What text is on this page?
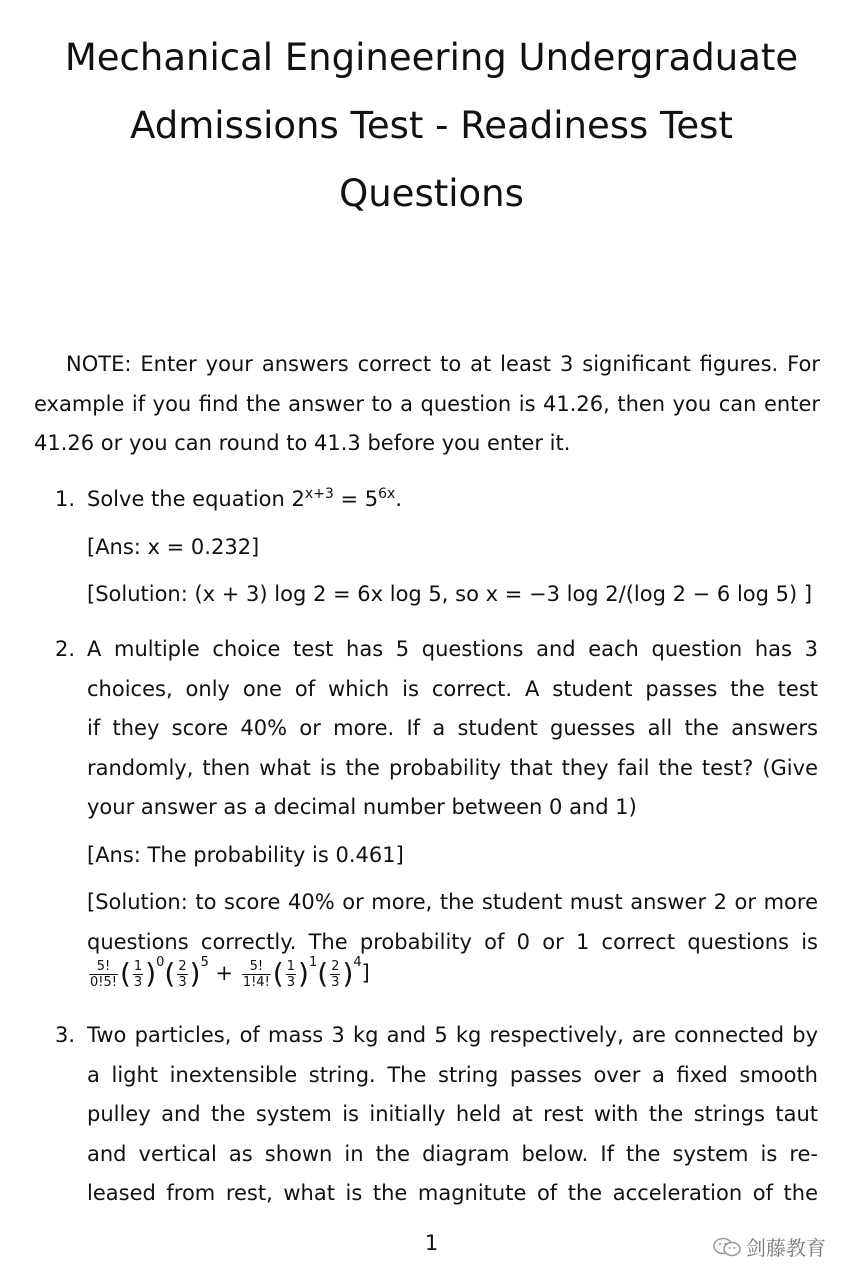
Mechanical Engineering Undergraduate
Admissions Test - Readiness Test
Questions
NOTE: Enter your answers correct to at least 3 significant figures. For
example if you find the answer to a question is 41.26, then you can enter
41.26 or you can round to 41.3 before you enter it.
1. Solve the equation $2^{x+3} = 5^{6x}$.
[Ans: x = 0.232]
[Solution: (x + 3) log 2 = 6x log 5, so x = −3 log 2/(log 2 − 6 log 5) ]
2. A multiple choice test has 5 questions and each question has 3
choices, only one of which is correct. A student passes the test
if they score 40% or more. If a student guesses all the answers
randomly, then what is the probability that they fail the test? (Give
your answer as a decimal number between 0 and 1)
[Ans: The probability is 0.461]
[Solution: to score 40% or more, the student must answer 2 or more
questions correctly. The probability of 0 or 1 correct questions is
$\frac{5!}{0!5!}$ ( $\frac{1}{3} )^0( \frac{2}{3} )^5 + \frac{5!}{1!4!}$ ( $\frac{1}{3} )^1( \frac{2}{3} )^4$]
3. Two particles, of mass 3 kg and 5 kg respectively, are connected by
a light inextensible string. The string passes over a fixed smooth
pulley and the system is initially held at rest with the strings taut
and vertical as shown in the diagram below. If the system is re-
leased from rest, what is the magnitute of the acceleration of the
1	剑藤教育
